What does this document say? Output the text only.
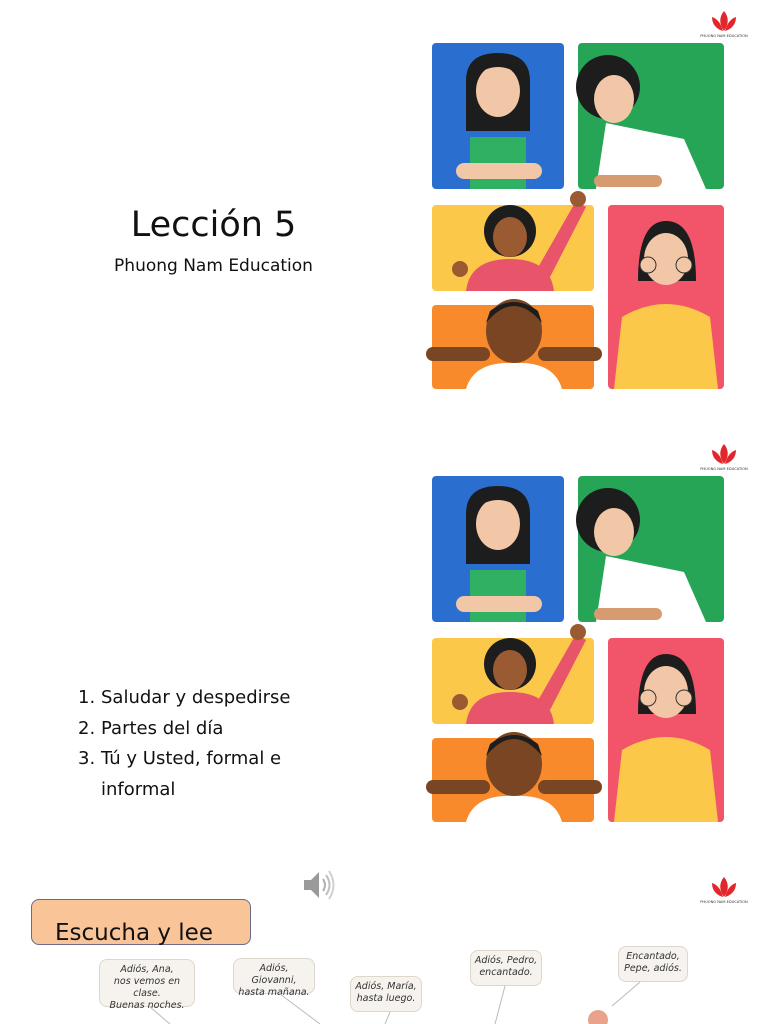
PHUONG NAM EDUCATION
Lección 5
Phuong Nam Education
PHUONG NAM EDUCATION
1. Saludar y despedirse
2. Partes del día
3. Tú y Usted, formal e informal
PHUONG NAM EDUCATION
Escucha y lee
Adiós, Ana,
nos vemos en clase.
Buenas noches.
Adiós, Giovanni,
hasta mañana.
Adiós, María,
hasta luego.
Adiós, Pedro,
encantado.
Encantado,
Pepe, adiós.
